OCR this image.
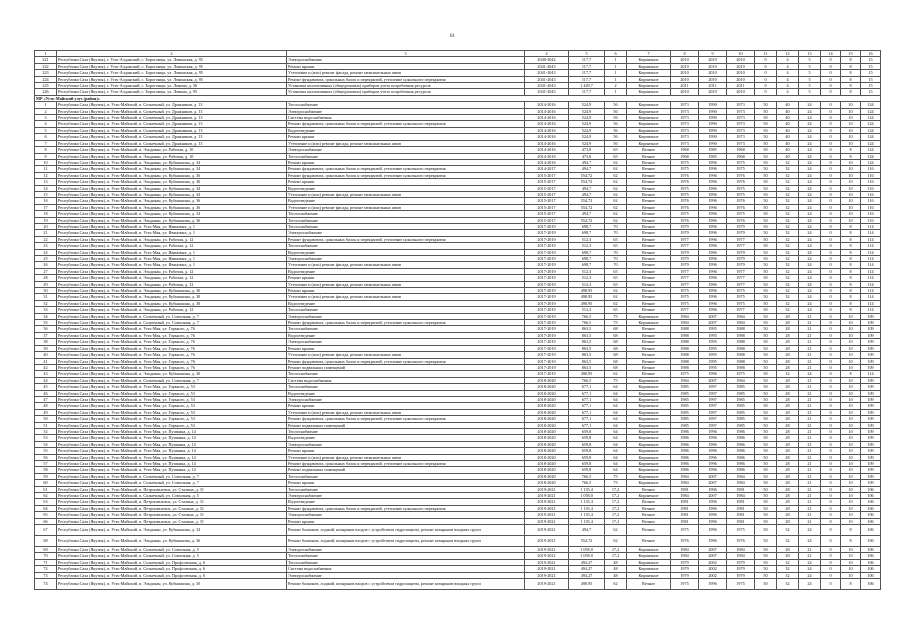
61
1	2	3	4	5	6	7	8	9	10	11	12	13	14	15	16
221	Республика Саха (Якутия), г. Усть-Алданский, с. Борогонцы, ул. Ленинская, д. 95	Электроснабжение	2040-2042	117,7	1	Кирпичное	2010	2010	2010	0	4	5	0	8	15
222	Республика Саха (Якутия), г. Усть-Алданский, с. Борогонцы, ул. Ленинская, д. 95	Ремонт крыши	2041-2043	117,7	1	Кирпичное	2010	2010	2010	0	4	5	0	8	15
223	Республика Саха (Якутия), г. Усть-Алданский, с. Борогонцы, ул. Ленинская, д. 95	Утепление и (или) ремонт фасада, ремонт межпанельных швов	2041-2043	117,7	1	Кирпичное	2010	2010	2010	0	4	5	0	8	15
224	Республика Саха (Якутия), г. Усть-Алданский, с. Борогонцы, ул. Ленинская, д. 95	Ремонт фундамента, цокольных балок и перекрытий, утепление цокольного перекрытия	2041-2043	117,7	1	Кирпичное	2010	2010	2010	0	4	5	0	8	15
225	Республика Саха (Якутия), г. Усть-Алданский, с. Борогонцы, ул. Ленина, д. 56	Установка коллективных (общедомовых) приборов учета потребления ресурсов	2041-2043	1 449,7	2	Кирпичное	2011	2011	2011	0	4	5	0	8	15
226	Республика Саха (Якутия), г. Усть-Алданский, с. Борогонцы, ул. Ленина, д. 95	Установка коллективных (общедомовых) приборов учета потребления ресурсов	2041-2043	117,7	1	Кирпичное	2010	2010	2010	0	4	5	0	8	15
МР «Усть-Майский улус (район)»															
1	Республика Саха (Якутия), п. Усть-Майский, п. Солнечный, ул. Дражников, д. 13	Теплоснабжение	2014-2016	524,9	56	Кирпичное	1973	1990	1973	50	40	24	0	10	124
2	Республика Саха (Якутия), п. Усть-Майский, п. Солнечный, ул. Дражников, д. 13	Электроснабжение	2014-2016	524,9	56	Кирпичное	1973	1990	1973	50	40	24	0	10	124
3	Республика Саха (Якутия), п. Усть-Майский, п. Солнечный, ул. Дражников, д. 13	Система водоснабжения	2014-2016	524,9	56	Кирпичное	1973	1990	1973	50	40	24	0	10	124
4	Республика Саха (Якутия), п. Усть-Майский, п. Солнечный, ул. Дражников, д. 13	Ремонт фундамента, цокольных балок и перекрытий, утепление цокольного перекрытия	2014-2016	524,9	56	Кирпичное	1973	1990	1973	50	40	24	0	10	124
5	Республика Саха (Якутия), п. Усть-Майский, п. Солнечный, ул. Дражников, д. 13	Водоотведение	2014-2016	524,9	56	Кирпичное	1973	1990	1973	50	40	24	0	10	124
6	Республика Саха (Якутия), п. Усть-Майский, п. Солнечный, ул. Дражников, д. 13	Ремонт крыши	2014-2016	524,9	56	Кирпичное	1973	1990	1973	50	40	24	0	10	124
7	Республика Саха (Якутия), п. Усть-Майский, п. Солнечный, ул. Дражников, д. 13	Утепление и (или) ремонт фасада, ремонт межпанельных швов	2014-2016	524,9	56	Кирпичное	1973	1990	1973	50	40	24	0	10	124
8	Республика Саха (Якутия), п. Усть-Майский, п. Эльдикан, ул. Рабочая, д. 10	Электроснабжение	2014-2016	473,8	65	Вечное	1968	1985	1968	50	40	24	0	8	124
9	Республика Саха (Якутия), п. Усть-Майский, п. Эльдикан, ул. Рабочая, д. 10	Теплоснабжение	2014-2016	473,8	65	Вечное	1968	1985	1968	50	40	24	0	8	124
10	Республика Саха (Якутия), п. Усть-Майский, п. Эльдикан, ул. Кубышкина, д. 34	Ремонт крыши	2014-2016	494,7	62	Вечное	1975	1996	1975	50	32	24	0	10	124
11	Республика Саха (Якутия), п. Усть-Майский, п. Эльдикан, ул. Кубышкина, д. 34	Ремонт фундамента, цокольных балок и перекрытий, утепление цокольного перекрытия	2014-2017	494,7	62	Вечное	1975	1996	1975	50	32	24	0	10	116
12	Республика Саха (Якутия), п. Усть-Майский, п. Эльдикан, ул. Кубышкина, д. 36	Ремонт фундамента, цокольных балок и перекрытий, утепление цокольного перекрытия	2015-2017	554,72	62	Вечное	1976	1996	1976	50	32	24	0	10	116
13	Республика Саха (Якутия), п. Усть-Майский, п. Эльдикан, ул. Кубышкина, д. 36	Ремонт крыши	2015-2017	554,72	62	Вечное	1976	1996	1976	50	32	24	0	10	116
14	Республика Саха (Якутия), п. Усть-Майский, п. Эльдикан, ул. Кубышкина, д. 34	Водоотведение	2015-2017	494,7	62	Вечное	1975	1996	1975	50	32	24	0	10	116
15	Республика Саха (Якутия), п. Усть-Майский, п. Эльдикан, ул. Кубышкина, д. 34	Утепление и (или) ремонт фасада, ремонт межпанельных швов	2015-2017	494,7	62	Вечное	1975	1996	1975	50	32	24	0	10	116
16	Республика Саха (Якутия), п. Усть-Майский, п. Эльдикан, ул. Кубышкина, д. 36	Водоотведение	2015-2017	554,72	62	Вечное	1976	1996	1976	50	32	24	0	10	116
17	Республика Саха (Якутия), п. Усть-Майский, п. Эльдикан, ул. Кубышкина, д. 36	Утепление и (или) ремонт фасада, ремонт межпанельных швов	2015-2017	554,72	62	Вечное	1976	1996	1976	50	32	24	0	10	116
18	Республика Саха (Якутия), п. Усть-Майский, п. Эльдикан, ул. Кубышкина, д. 34	Теплоснабжение	2015-2017	494,7	62	Вечное	1975	1996	1975	50	32	24	0	10	116
19	Республика Саха (Якутия), п. Усть-Майский, п. Эльдикан, ул. Кубышкина, д. 36	Теплоснабжение	2015-2017	554,72	62	Вечное	1976	1996	1976	50	32	24	0	10	116
20	Республика Саха (Якутия), п. Усть-Майский, п. Усть-Мая, ул. Ивановых, д. 1	Теплоснабжение	2017-2019	698,7	70	Вечное	1979	1996	1979	50	32	24	0	8	114
21	Республика Саха (Якутия), п. Усть-Майский, п. Усть-Мая, ул. Ивановых, д. 1	Электроснабжение	2017-2019	698,7	70	Вечное	1979	1996	1979	50	32	24	0	8	114
22	Республика Саха (Якутия), п. Усть-Майский, п. Эльдикан, ул. Рабочая, д. 12	Ремонт фундамента, цокольных балок и перекрытий, утепление цокольного перекрытия	2017-2019	512,3	65	Вечное	1977	1996	1977	50	32	24	0	8	114
23	Республика Саха (Якутия), п. Усть-Майский, п. Эльдикан, ул. Рабочая, д. 12	Теплоснабжение	2017-2019	512,3	65	Вечное	1977	1996	1977	50	32	24	0	8	114
24	Республика Саха (Якутия), п. Усть-Майский, п. Усть-Мая, ул. Ивановых, д. 1	Водоотведение	2017-2019	698,7	70	Вечное	1979	1996	1979	50	32	24	0	8	114
25	Республика Саха (Якутия), п. Усть-Майский, п. Усть-Мая, ул. Ивановых, д. 1	Электроснабжение	2017-2019	698,7	70	Вечное	1979	1996	1979	50	32	24	0	8	114
26	Республика Саха (Якутия), п. Усть-Майский, п. Усть-Мая, ул. Ивановых, д. 1	Утепление и (или) ремонт фасада, ремонт межпанельных швов	2017-2019	698,7	70	Вечное	1979	1996	1979	50	32	24	0	8	114
27	Республика Саха (Якутия), п. Усть-Майский, п. Эльдикан, ул. Рабочая, д. 12	Водоотведение	2017-2019	512,3	65	Вечное	1977	1996	1977	50	32	24	0	8	114
28	Республика Саха (Якутия), п. Усть-Майский, п. Эльдикан, ул. Рабочая, д. 12	Ремонт крыши	2017-2019	512,3	65	Вечное	1977	1996	1977	50	32	24	0	8	114
29	Республика Саха (Якутия), п. Усть-Майский, п. Эльдикан, ул. Рабочая, д. 12	Утепление и (или) ремонт фасада, ремонт межпанельных швов	2017-2019	512,3	65	Вечное	1977	1996	1977	50	32	24	0	8	114
30	Республика Саха (Якутия), п. Усть-Майский, п. Эльдикан, ул. Кубышкина, д. 30	Ремонт крыши	2017-2019	498,95	62	Вечное	1975	1996	1975	50	32	24	0	8	114
31	Республика Саха (Якутия), п. Усть-Майский, п. Эльдикан, ул. Кубышкина, д. 30	Утепление и (или) ремонт фасада, ремонт межпанельных швов	2017-2019	498,95	62	Вечное	1975	1996	1975	50	32	24	0	8	114
32	Республика Саха (Якутия), п. Усть-Майский, п. Эльдикан, ул. Кубышкина, д. 30	Водоотведение	2017-2019	498,95	62	Вечное	1975	1996	1975	50	32	24	0	8	114
33	Республика Саха (Якутия), п. Усть-Майский, п. Эльдикан, ул. Рабочая, д. 12	Теплоснабжение	2017-2019	512,3	65	Вечное	1977	1996	1977	50	32	24	0	8	114
34	Республика Саха (Якутия), п. Усть-Майский, п. Солнечный, ул. Совхозная, д. 7	Электроснабжение	2017-2019	766,5	75	Кирпичное	1984	2007	1984	50	28	21	0	10	109
35	Республика Саха (Якутия), п. Усть-Майский, п. Солнечный, ул. Совхозная, д. 7	Ремонт фундамента, цокольных балок и перекрытий, утепление цокольного перекрытия	2017-2019	766,5	75	Кирпичное	1984	2007	1984	50	28	21	0	10	109
36	Республика Саха (Якутия), п. Усть-Майский, п. Усть-Мая, ул. Горького, д. 76	Теплоснабжение	2017-2019	863,5	68	Вечное	1988	1995	1988	50	28	21	0	10	109
37	Республика Саха (Якутия), п. Усть-Майский, п. Усть-Мая, ул. Горького, д. 76	Водоотведение	2017-2019	863,5	68	Вечное	1988	1995	1988	50	28	21	0	10	109
38	Республика Саха (Якутия), п. Усть-Майский, п. Усть-Мая, ул. Горького, д. 76	Электроснабжение	2017-2019	863,5	68	Вечное	1988	1995	1988	50	28	21	0	10	109
39	Республика Саха (Якутия), п. Усть-Майский, п. Усть-Мая, ул. Горького, д. 76	Ремонт крыши	2017-2019	863,5	68	Вечное	1988	1995	1988	50	28	21	0	10	109
40	Республика Саха (Якутия), п. Усть-Майский, п. Усть-Мая, ул. Горького, д. 76	Утепление и (или) ремонт фасада, ремонт межпанельных швов	2017-2019	863,5	68	Вечное	1988	1995	1988	50	28	21	0	10	109
41	Республика Саха (Якутия), п. Усть-Майский, п. Усть-Мая, ул. Горького, д. 76	Ремонт фундамента, цокольных балок и перекрытий, утепление цокольного перекрытия	2017-2019	863,5	68	Вечное	1988	1995	1988	50	28	21	0	10	109
42	Республика Саха (Якутия), п. Усть-Майский, п. Усть-Мая, ул. Горького, д. 76	Ремонт подвальных помещений	2017-2019	863,5	68	Вечное	1988	1995	1988	50	28	21	0	10	109
43	Республика Саха (Якутия), п. Усть-Майский, п. Эльдикан, ул. Кубышкина, д. 30	Теплоснабжение	2017-2019	498,95	62	Вечное	1975	1996	1975	50	32	24	0	8	114
44	Республика Саха (Якутия), п. Усть-Майский, п. Солнечный, ул. Совхозная, д. 7	Система водоснабжения	2018-2020	766,5	75	Кирпичное	1984	2007	1984	50	28	21	0	10	109
45	Республика Саха (Якутия), п. Усть-Майский, п. Усть-Мая, ул. Горького, д. 53	Теплоснабжение	2018-2020	677,1	64	Кирпичное	1985	1997	1985	50	28	21	0	10	109
46	Республика Саха (Якутия), п. Усть-Майский, п. Усть-Мая, ул. Горького, д. 53	Водоотведение	2018-2020	677,1	64	Кирпичное	1985	1997	1985	50	28	21	0	10	109
47	Республика Саха (Якутия), п. Усть-Майский, п. Усть-Мая, ул. Горького, д. 53	Электроснабжение	2018-2020	677,1	64	Кирпичное	1985	1997	1985	50	28	21	0	10	109
48	Республика Саха (Якутия), п. Усть-Майский, п. Усть-Мая, ул. Горького, д. 53	Ремонт крыши	2018-2020	677,1	64	Кирпичное	1985	1997	1985	50	28	21	0	10	109
49	Республика Саха (Якутия), п. Усть-Майский, п. Усть-Мая, ул. Горького, д. 53	Утепление и (или) ремонт фасада, ремонт межпанельных швов	2018-2020	677,1	64	Кирпичное	1985	1997	1985	50	28	21	0	10	109
50	Республика Саха (Якутия), п. Усть-Майский, п. Усть-Мая, ул. Горького, д. 53	Ремонт фундамента, цокольных балок и перекрытий, утепление цокольного перекрытия	2018-2020	677,1	64	Кирпичное	1985	1997	1985	50	28	21	0	10	109
51	Республика Саха (Якутия), п. Усть-Майский, п. Усть-Мая, ул. Горького, д. 53	Ремонт подвальных помещений	2018-2020	677,1	64	Кирпичное	1985	1997	1985	50	28	21	0	10	109
52	Республика Саха (Якутия), п. Усть-Майский, п. Усть-Мая, ул. Пушкина, д. 14	Теплоснабжение	2018-2020	659,8	64	Кирпичное	1986	1996	1986	50	28	21	0	10	109
53	Республика Саха (Якутия), п. Усть-Майский, п. Усть-Мая, ул. Пушкина, д. 14	Водоотведение	2018-2020	659,8	64	Кирпичное	1986	1996	1986	50	28	21	0	10	109
54	Республика Саха (Якутия), п. Усть-Майский, п. Усть-Мая, ул. Пушкина, д. 14	Электроснабжение	2018-2020	659,8	64	Кирпичное	1986	1996	1986	50	28	21	0	10	109
55	Республика Саха (Якутия), п. Усть-Майский, п. Усть-Мая, ул. Пушкина, д. 14	Ремонт крыши	2018-2020	659,8	64	Кирпичное	1986	1996	1986	50	28	21	0	10	109
56	Республика Саха (Якутия), п. Усть-Майский, п. Усть-Мая, ул. Пушкина, д. 14	Утепление и (или) ремонт фасада, ремонт межпанельных швов	2018-2020	659,8	64	Кирпичное	1986	1996	1986	50	28	21	0	10	109
57	Республика Саха (Якутия), п. Усть-Майский, п. Усть-Мая, ул. Пушкина, д. 14	Ремонт фундамента, цокольных балок и перекрытий, утепление цокольного перекрытия	2018-2020	659,8	64	Кирпичное	1986	1996	1986	50	28	21	0	10	109
58	Республика Саха (Якутия), п. Усть-Майский, п. Усть-Мая, ул. Пушкина, д. 14	Ремонт подвальных помещений	2018-2020	659,8	64	Кирпичное	1986	1996	1986	50	28	21	0	10	109
59	Республика Саха (Якутия), п. Усть-Майский, п. Солнечный, ул. Совхозная, д. 7	Теплоснабжение	2018-2020	766,5	75	Кирпичное	1984	2007	1984	50	28	21	0	10	109
60	Республика Саха (Якутия), п. Усть-Майский, п. Солнечный, ул. Совхозная, д. 7	Ремонт крыши	2018-2020	766,5	75	Кирпичное	1984	2007	1984	50	28	21	0	10	109
61	Республика Саха (Якутия), п. Усть-Майский, п. Петропавловск, ул. Сталина, д. 31	Теплоснабжение	2019-2021	1 135,4	17,2	Вечное	1981	1996	1981	50	28	21	0	10	106
62	Республика Саха (Якутия), п. Усть-Майский, п. Солнечный, ул. Совхозная, д. 5	Электроснабжение	2019-2021	1 058,0	17,2	Кирпичное	1984	2007	1984	50	28	21	0	10	106
63	Республика Саха (Якутия), п. Усть-Майский, п. Петропавловск, ул. Сталина, д. 31	Водоотведение	2019-2021	1 135,4	17,2	Вечное	1981	1996	1981	50	28	21	0	10	106
64	Республика Саха (Якутия), п. Усть-Майский, п. Петропавловск, ул. Сталина, д. 31	Ремонт фундамента, цокольных балок и перекрытий, утепление цокольного перекрытия	2019-2021	1 135,4	17,2	Вечное	1981	1996	1981	50	28	21	0	10	106
65	Республика Саха (Якутия), п. Усть-Майский, п. Петропавловск, ул. Сталина, д. 31	Электроснабжение	2019-2021	1 135,4	17,2	Вечное	1981	1996	1981	50	28	21	0	10	106
66	Республика Саха (Якутия), п. Усть-Майский, п. Петропавловск, ул. Сталина, д. 31	Ремонт крыши	2019-2021	1 135,4	17,2	Вечное	1981	1996	1981	50	28	21	0	10	106
67	Республика Саха (Якутия), п. Усть-Майский, п. Эльдикан, ул. Кубышкина, д. 34	Ремонт балконов, лоджий, козырьков входов с устройством гидрозащиты, ремонт козырьков входных групп	2019-2021	494,7	62	Вечное	1975	1996	1975	50	32	24	0	8	106
68	Республика Саха (Якутия), п. Усть-Майский, п. Эльдикан, ул. Кубышкина, д. 36	Ремонт балконов, лоджий, козырьков входов с устройством гидрозащиты, ремонт козырьков входных групп	2019-2021	554,72	62	Вечное	1976	1996	1976	50	32	24	0	8	106
69	Республика Саха (Якутия), п. Усть-Майский, п. Солнечный, ул. Совхозная, д. 5	Электроснабжение	2019-2021	1 058,0	17,2	Кирпичное	1984	2007	1984	50	28	21	0	10	106
70	Республика Саха (Якутия), п. Усть-Майский, п. Солнечный, ул. Совхозная, д. 5	Теплоснабжение	2019-2021	1 058,0	17,2	Кирпичное	1984	2007	1984	50	28	21	0	10	106
71	Республика Саха (Якутия), п. Усть-Майский, п. Солнечный, ул. Профсоюзная, д. 6	Теплоснабжение	2019-2021	494,27	48	Кирпичное	1979	2002	1979	50	32	24	0	10	106
72	Республика Саха (Якутия), п. Усть-Майский, п. Солнечный, ул. Профсоюзная, д. 6	Система водоснабжения	2019-2021	494,27	48	Кирпичное	1979	2002	1979	50	32	24	0	10	106
73	Республика Саха (Якутия), п. Усть-Майский, п. Солнечный, ул. Профсоюзная, д. 6	Электроснабжение	2019-2021	494,27	48	Кирпичное	1979	2002	1979	50	32	24	0	10	106
74	Республика Саха (Якутия), п. Усть-Майский, п. Эльдикан, ул. Кубышкина, д. 30	Ремонт балконов, лоджий, козырьков входов с устройством гидрозащиты, ремонт козырьков входных групп	2019-2021	498,95	62	Вечное	1975	1996	1975	50	32	24	0	8	106
